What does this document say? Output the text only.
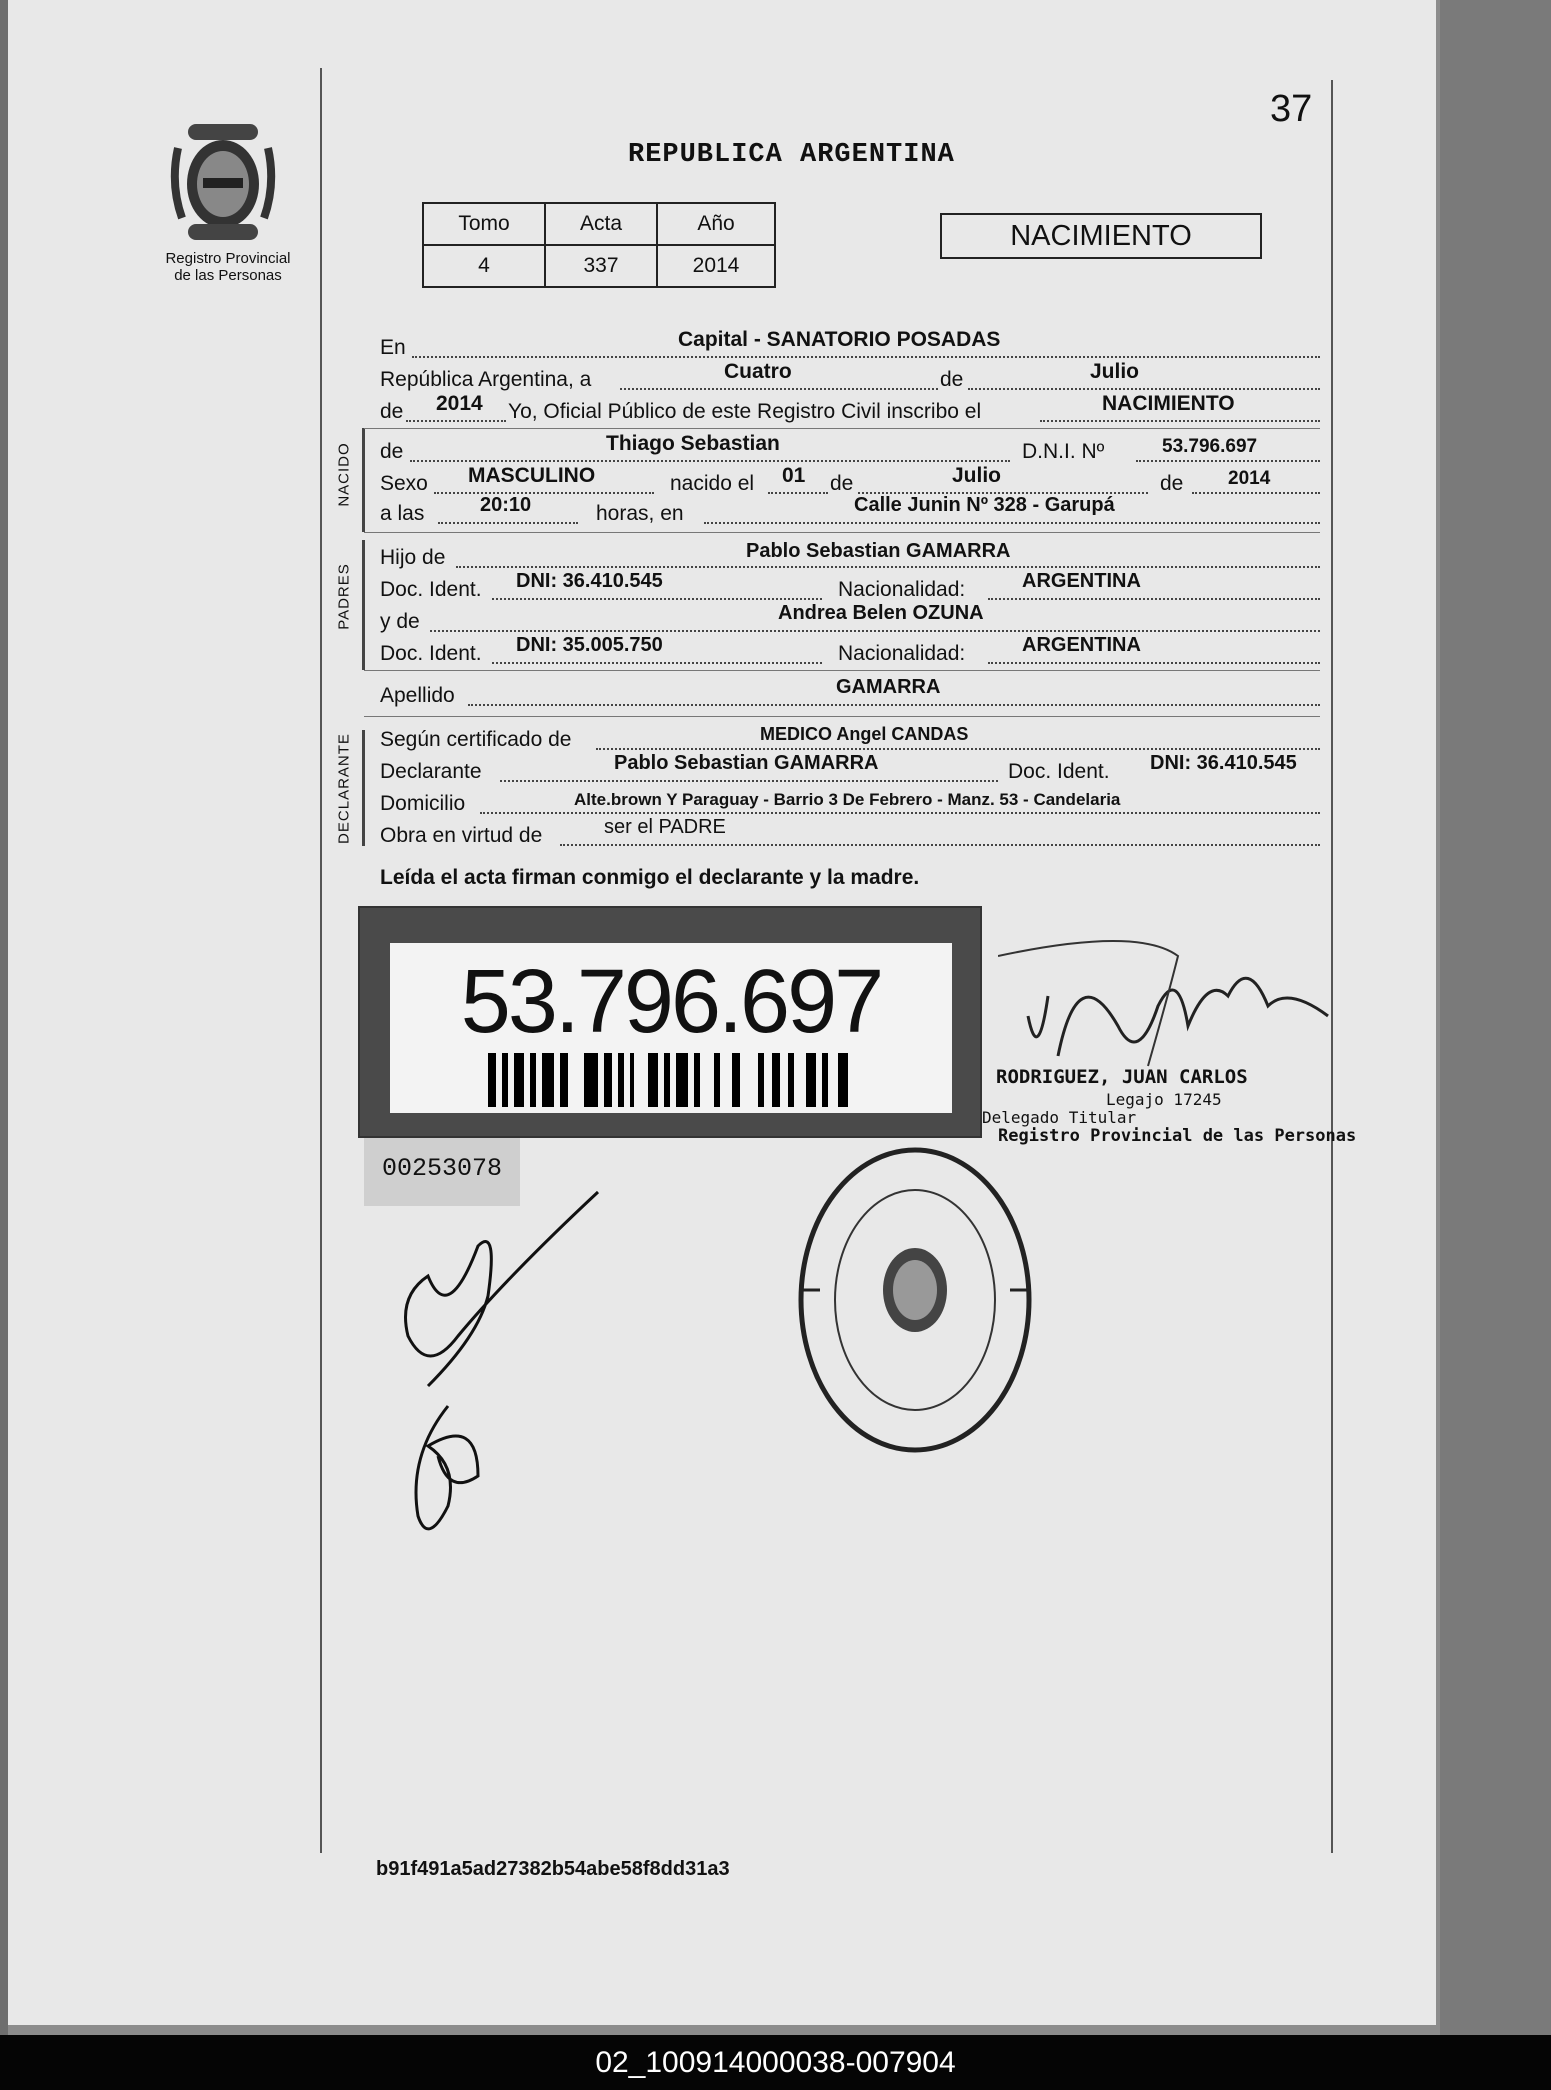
Registro Provincial
de las Personas
37
REPUBLICA ARGENTINA
Tomo	Acta	Año
4	337	2014
NACIMIENTO
NACIDO
PADRES
DECLARANTE
En	Capital - SANATORIO POSADAS
República Argentina, a	Cuatro	de	Julio
de 2014 Yo, Oficial Público de este Registro Civil inscribo el	NACIMIENTO
de	Thiago Sebastian	D.N.I. Nº	53.796.697
Sexo MASCULINO	nacido el 01 de	Julio	de 2014
a las	20:10	horas, en	Calle Junin Nº 328 - Garupá
Hijo de	Pablo Sebastian GAMARRA
Doc. Ident. DNI: 36.410.545	Nacionalidad:	ARGENTINA
y de	Andrea Belen OZUNA
Doc. Ident. DNI: 35.005.750	Nacionalidad:	ARGENTINA
Apellido	GAMARRA
Según certificado de	MEDICO Angel CANDAS
Declarante	Pablo Sebastian GAMARRA	Doc. Ident. DNI: 36.410.545
Domicilio	Alte.brown Y Paraguay - Barrio 3 De Febrero - Manz. 53 - Candelaria
Obra en virtud de	ser el PADRE
Leída el acta firman conmigo el declarante y la madre.
53.796.697
00253078
RODRIGUEZ, JUAN CARLOS
Legajo 17245
Delegado Titular
Registro Provincial de las Personas
b91f491a5ad27382b54abe58f8dd31a3
02_100914000038-007904
